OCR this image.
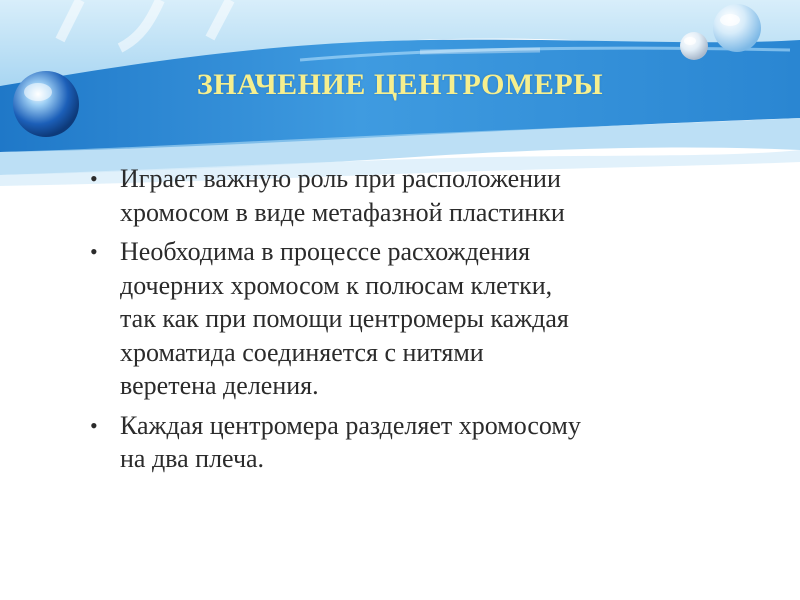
ЗНАЧЕНИЕ ЦЕНТРОМЕРЫ
• Играет важную роль при расположении
хромосом в виде метафазной пластинки
• Необходима в процессе расхождения
дочерних хромосом к полюсам клетки,
так как при помощи центромеры каждая
хроматида соединяется с нитями
веретена деления.
• Каждая центромера разделяет хромосому
на два плеча.
